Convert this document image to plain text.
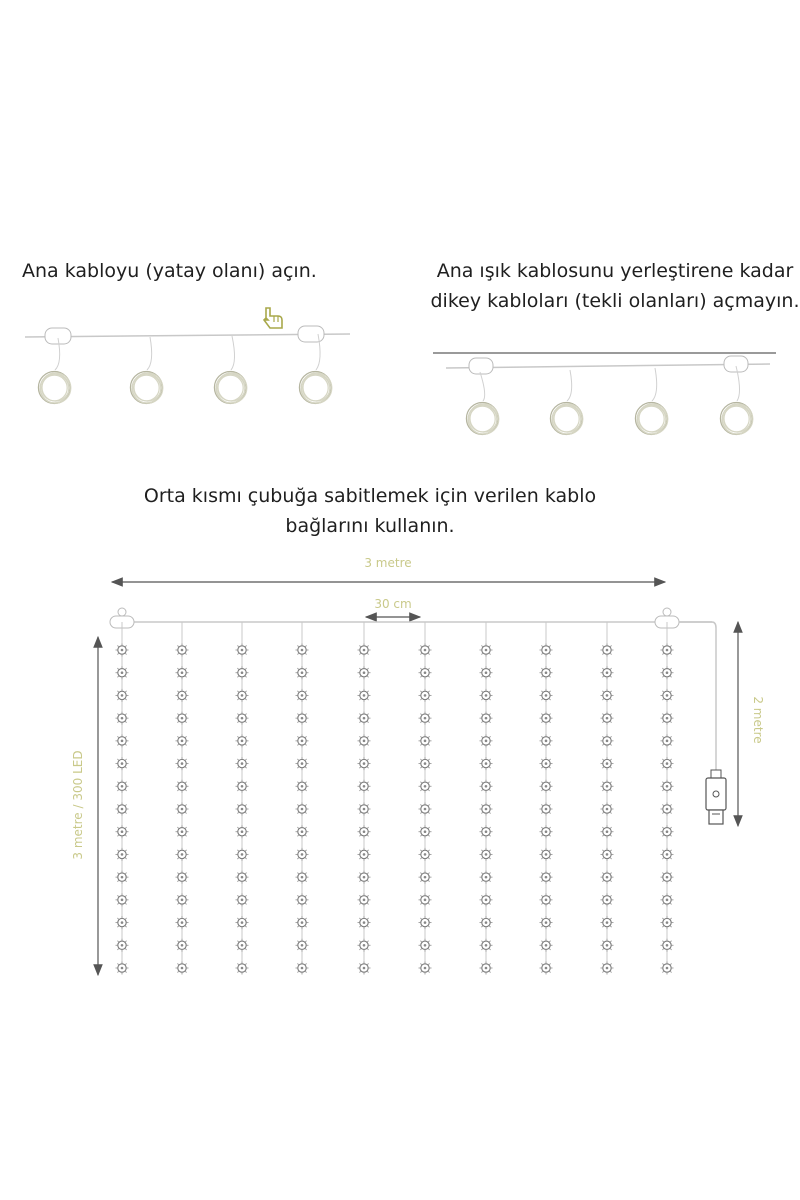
Ana kabloyu (yatay olanı) açın.	Ana ışık kablosunu yerleştirene kadar
dikey kabloları (tekli olanları) açmayın.
Orta kısmı çubuğa sabitlemek için verilen kablo
bağlarını kullanın.
3 metre
30 cm
2 metre
3 metre / 300 LED
